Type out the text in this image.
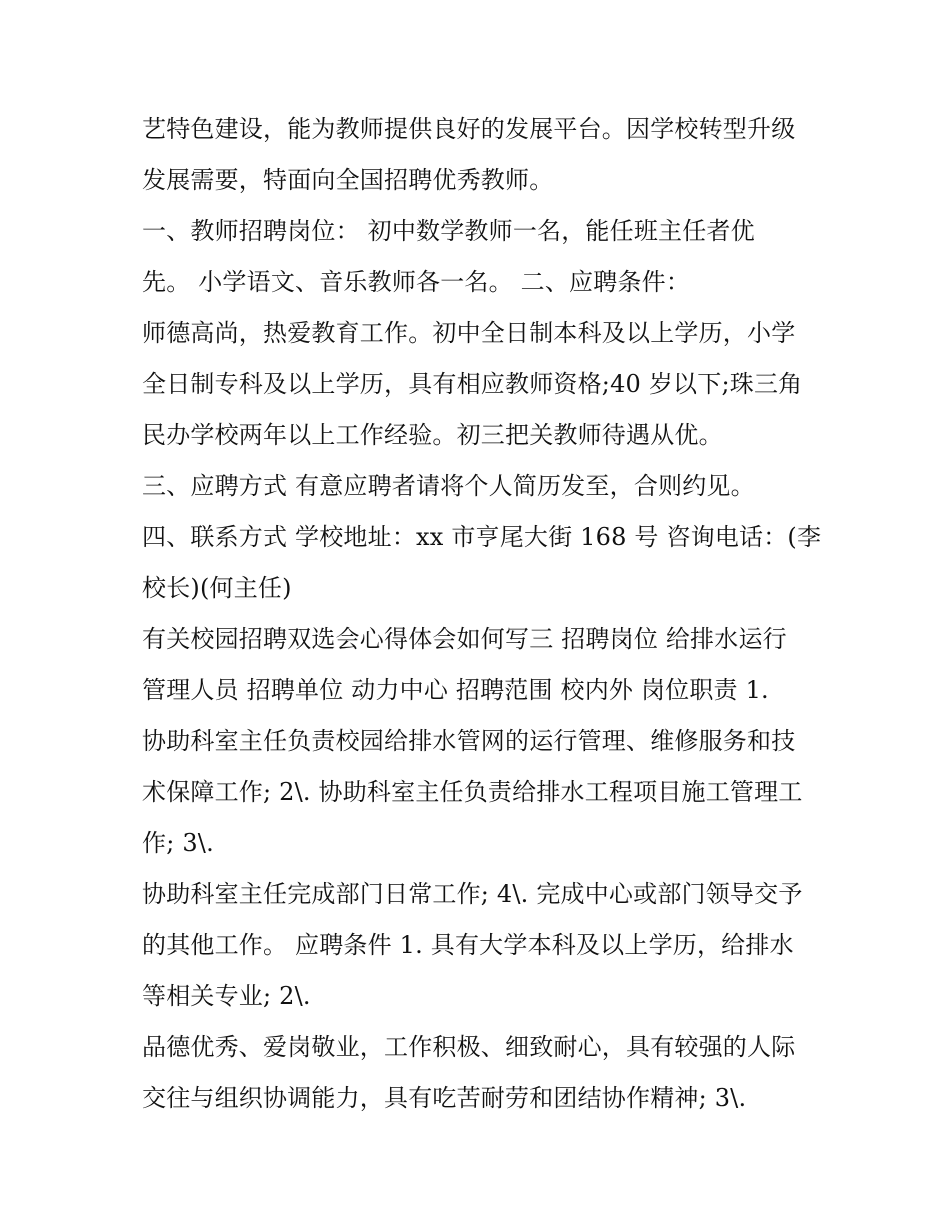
艺特色建设，能为教师提供良好的发展平台。因学校转型升级
发展需要，特面向全国招聘优秀教师。
一、教师招聘岗位： 初中数学教师一名，能任班主任者优
先。 小学语文、音乐教师各一名。 二、应聘条件：
师德高尚，热爱教育工作。初中全日制本科及以上学历，小学
全日制专科及以上学历，具有相应教师资格;40 岁以下;珠三角
民办学校两年以上工作经验。初三把关教师待遇从优。
三、应聘方式 有意应聘者请将个人简历发至，合则约见。
四、联系方式 学校地址：xx 市亨尾大街 168 号 咨询电话：(李
校长)(何主任)
有关校园招聘双选会心得体会如何写三 招聘岗位 给排水运行
管理人员 招聘单位 动力中心 招聘范围 校内外 岗位职责 1.
协助科室主任负责校园给排水管网的运行管理、维修服务和技
术保障工作; 2\. 协助科室主任负责给排水工程项目施工管理工
作; 3\.
协助科室主任完成部门日常工作; 4\. 完成中心或部门领导交予
的其他工作。 应聘条件 1. 具有大学本科及以上学历，给排水
等相关专业; 2\.
品德优秀、爱岗敬业，工作积极、细致耐心，具有较强的人际
交往与组织协调能力，具有吃苦耐劳和团结协作精神; 3\.
